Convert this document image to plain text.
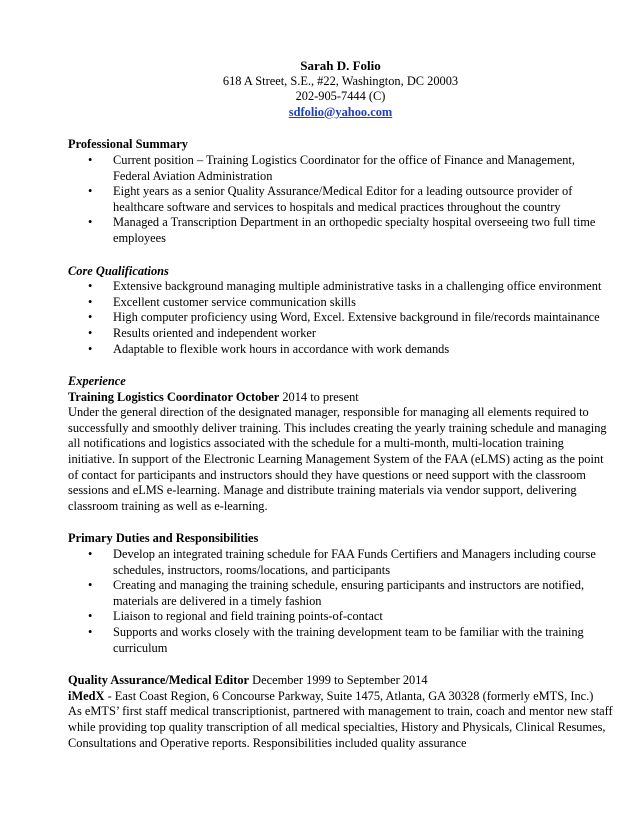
Sarah D. Folio
618 A Street, S.E., #22, Washington, DC 20003
202-905-7444 (C)
sdfolio@yahoo.com
Professional Summary
• Current position – Training Logistics Coordinator for the office of Finance and Management, Federal Aviation Administration
• Eight years as a senior Quality Assurance/Medical Editor for a leading outsource provider of healthcare software and services to hospitals and medical practices throughout the country
• Managed a Transcription Department in an orthopedic specialty hospital overseeing two full time employees
Core Qualifications
• Extensive background managing multiple administrative tasks in a challenging office environment
• Excellent customer service communication skills
• High computer proficiency using Word, Excel. Extensive background in file/records maintainance
• Results oriented and independent worker
• Adaptable to flexible work hours in accordance with work demands
Experience
Training Logistics Coordinator October 2014 to present

Under the general direction of the designated manager, responsible for managing all elements required to successfully and smoothly deliver training. This includes creating the yearly training schedule and managing all notifications and logistics associated with the schedule for a multi-month, multi-location training initiative. In support of the Electronic Learning Management System of the FAA (eLMS) acting as the point of contact for participants and instructors should they have questions or need support with the classroom sessions and eLMS e-learning. Manage and distribute training materials via vendor support, delivering classroom training as well as e-learning.

Primary Duties and Responsibilities
• Develop an integrated training schedule for FAA Funds Certifiers and Managers including course schedules, instructors, rooms/locations, and participants
• Creating and managing the training schedule, ensuring participants and instructors are notified, materials are delivered in a timely fashion
• Liaison to regional and field training points-of-contact
• Supports and works closely with the training development team to be familiar with the training curriculum
Quality Assurance/Medical Editor December 1999 to September 2014
iMedX - East Coast Region, 6 Concourse Parkway, Suite 1475, Atlanta, GA 30328 (formerly eMTS, Inc.)

As eMTS’ first staff medical transcriptionist, partnered with management to train, coach and mentor new staff while providing top quality transcription of all medical specialties, History and Physicals, Clinical Resumes, Consultations and Operative reports. Responsibilities included quality assurance
